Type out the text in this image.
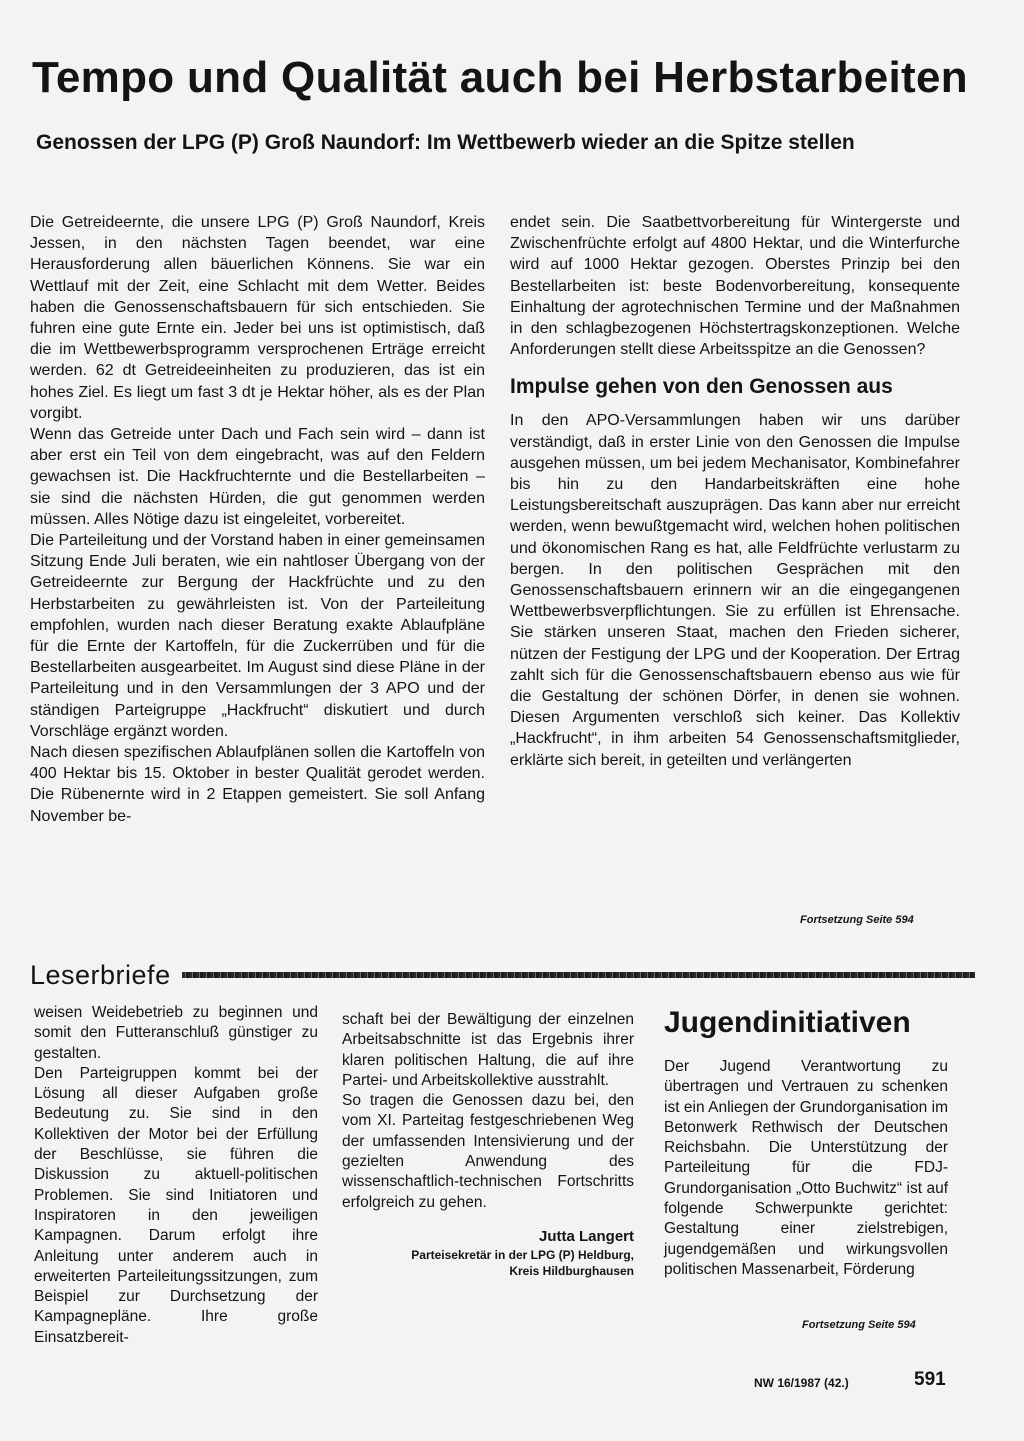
Tempo und Qualität auch bei Herbstarbeiten
Genossen der LPG (P) Groß Naundorf: Im Wettbewerb wieder an die Spitze stellen

Die Getreideernte, die unsere LPG (P) Groß Naundorf, Kreis Jessen, in den nächsten Tagen beendet, war eine Herausforderung allen bäuerlichen Könnens. Sie war ein Wettlauf mit der Zeit, eine Schlacht mit dem Wetter. Beides haben die Genossenschaftsbauern für sich entschieden. Sie fuhren eine gute Ernte ein. Jeder bei uns ist optimistisch, daß die im Wettbewerbsprogramm versprochenen Erträge erreicht werden. 62 dt Getreideeinheiten zu produzieren, das ist ein hohes Ziel. Es liegt um fast 3 dt je Hektar höher, als es der Plan vorgibt.

Wenn das Getreide unter Dach und Fach sein wird – dann ist aber erst ein Teil von dem eingebracht, was auf den Feldern gewachsen ist. Die Hackfruchternte und die Bestellarbeiten – sie sind die nächsten Hürden, die gut genommen werden müssen. Alles Nötige dazu ist eingeleitet, vorbereitet.

Die Parteileitung und der Vorstand haben in einer gemeinsamen Sitzung Ende Juli beraten, wie ein nahtloser Übergang von der Getreideernte zur Bergung der Hackfrüchte und zu den Herbstarbeiten zu gewährleisten ist. Von der Parteileitung empfohlen, wurden nach dieser Beratung exakte Ablaufpläne für die Ernte der Kartoffeln, für die Zuckerrüben und für die Bestellarbeiten ausgearbeitet. Im August sind diese Pläne in der Parteileitung und in den Versammlungen der 3 APO und der ständigen Parteigruppe „Hackfrucht“ diskutiert und durch Vorschläge ergänzt worden.

Nach diesen spezifischen Ablaufplänen sollen die Kartoffeln von 400 Hektar bis 15. Oktober in bester Qualität gerodet werden. Die Rübenernte wird in 2 Etappen gemeistert. Sie soll Anfang November be-

endet sein. Die Saatbettvorbereitung für Wintergerste und Zwischenfrüchte erfolgt auf 4800 Hektar, und die Winterfurche wird auf 1000 Hektar gezogen. Oberstes Prinzip bei den Bestellarbeiten ist: beste Bodenvorbereitung, konsequente Einhaltung der agrotechnischen Termine und der Maßnahmen in den schlagbezogenen Höchstertragskonzeptionen. Welche Anforderungen stellt diese Arbeitsspitze an die Genossen?

Impulse gehen von den Genossen aus

In den APO-Versammlungen haben wir uns darüber verständigt, daß in erster Linie von den Genossen die Impulse ausgehen müssen, um bei jedem Mechanisator, Kombinefahrer bis hin zu den Handarbeitskräften eine hohe Leistungsbereitschaft auszuprägen. Das kann aber nur erreicht werden, wenn bewußtgemacht wird, welchen hohen politischen und ökonomischen Rang es hat, alle Feldfrüchte verlustarm zu bergen. In den politischen Gesprächen mit den Genossenschaftsbauern erinnern wir an die eingegangenen Wettbewerbsverpflichtungen. Sie zu erfüllen ist Ehrensache. Sie stärken unseren Staat, machen den Frieden sicherer, nützen der Festigung der LPG und der Kooperation. Der Ertrag zahlt sich für die Genossenschaftsbauern ebenso aus wie für die Gestaltung der schönen Dörfer, in denen sie wohnen. Diesen Argumenten verschloß sich keiner. Das Kollektiv „Hackfrucht“, in ihm arbeiten 54 Genossenschaftsmitglieder, erklärte sich bereit, in geteilten und verlängerten

Fortsetzung Seite 594
Leserbriefe

weisen Weidebetrieb zu beginnen und somit den Futteranschluß günstiger zu gestalten.

Den Parteigruppen kommt bei der Lösung all dieser Aufgaben große Bedeutung zu. Sie sind in den Kollektiven der Motor bei der Erfüllung der Beschlüsse, sie führen die Diskussion zu aktuell-politischen Problemen. Sie sind Initiatoren und Inspiratoren in den jeweiligen Kampagnen. Darum erfolgt ihre Anleitung unter anderem auch in erweiterten Parteileitungssitzungen, zum Beispiel zur Durchsetzung der Kampagnepläne. Ihre große Einsatzbereit-

schaft bei der Bewältigung der einzelnen Arbeitsabschnitte ist das Ergebnis ihrer klaren politischen Haltung, die auf ihre Partei- und Arbeitskollektive ausstrahlt.

So tragen die Genossen dazu bei, den vom XI. Parteitag festgeschriebenen Weg der umfassenden Intensivierung und der gezielten Anwendung des wissenschaftlich-technischen Fortschritts erfolgreich zu gehen.

Jutta Langert
Parteisekretär in der LPG (P) Heldburg,
Kreis Hildburghausen
Jugendinitiativen

Der Jugend Verantwortung zu übertragen und Vertrauen zu schenken ist ein Anliegen der Grundorganisation im Betonwerk Rethwisch der Deutschen Reichsbahn. Die Unterstützung der Parteileitung für die FDJ-Grundorganisation „Otto Buchwitz“ ist auf folgende Schwerpunkte gerichtet: Gestaltung einer zielstrebigen, jugendgemäßen und wirkungsvollen politischen Massenarbeit, Förderung

Fortsetzung Seite 594
NW 16/1987 (42.)	591
